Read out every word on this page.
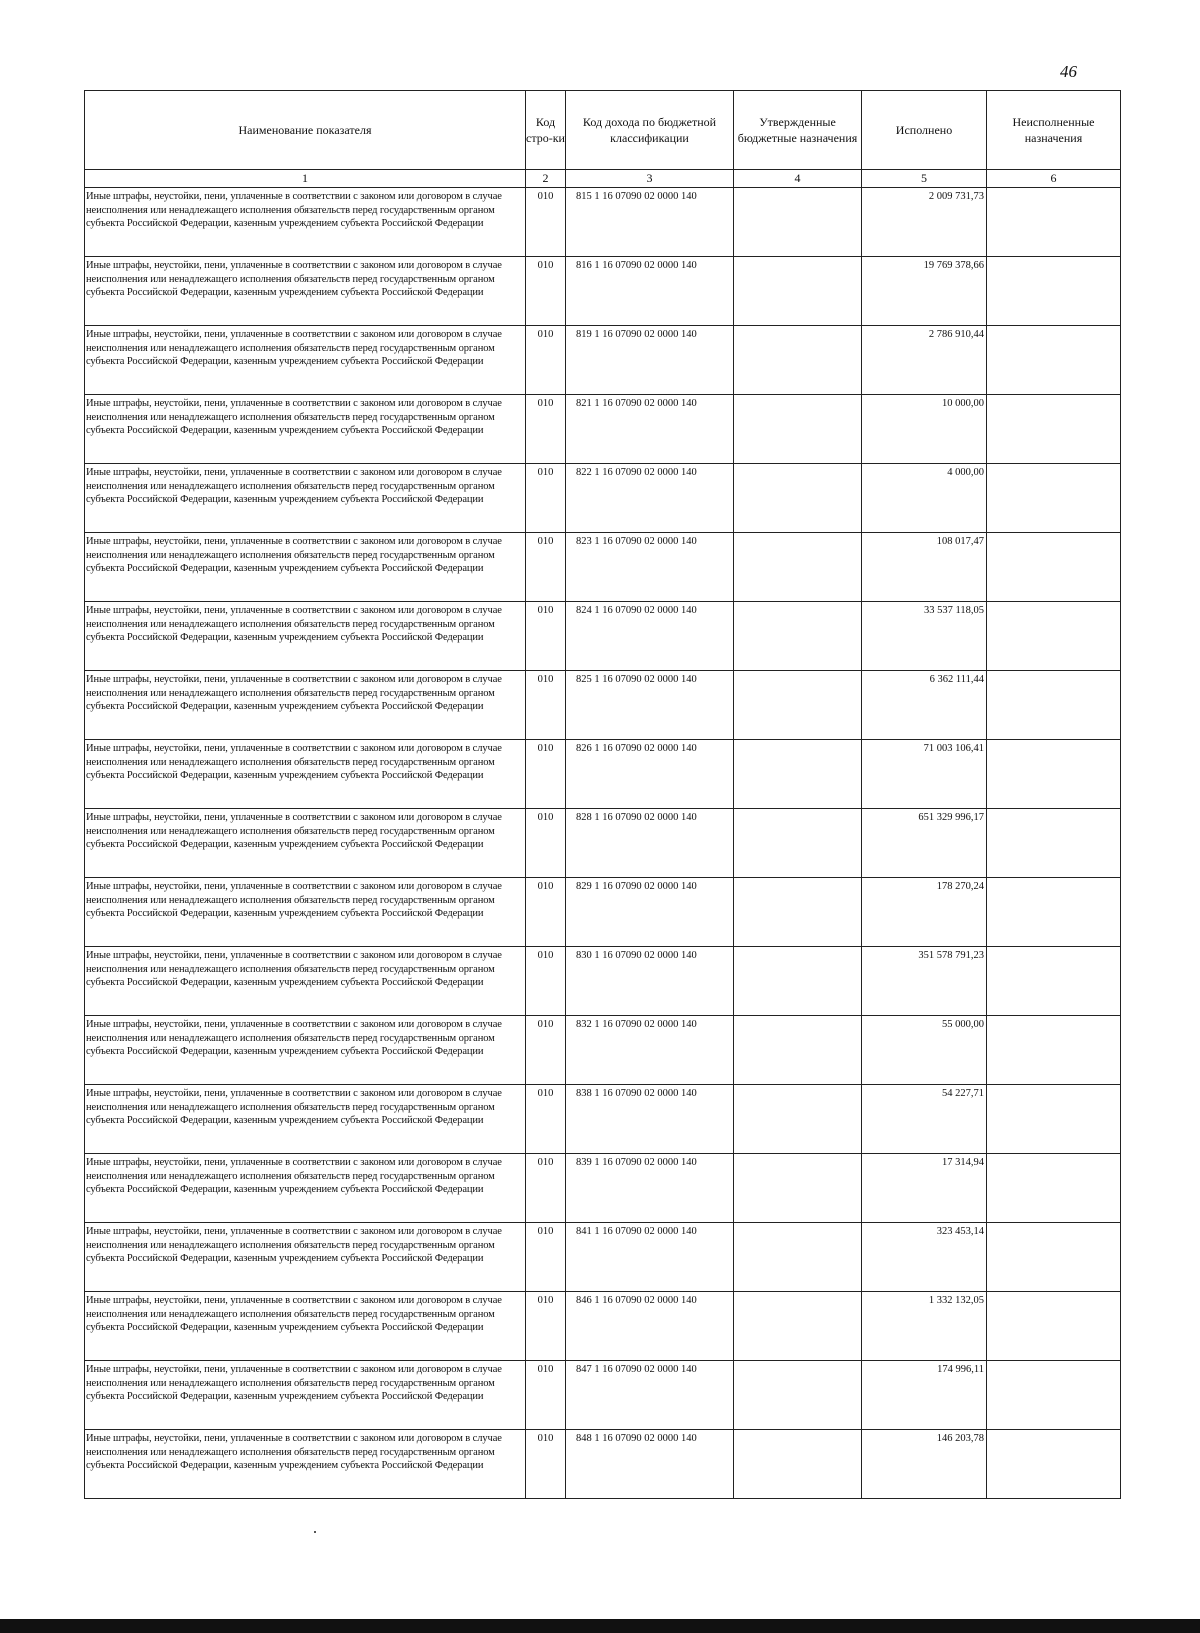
46
Наименование показателя	Код стро-ки	Код дохода по бюджетной классификации	Утвержденные бюджетные назначения	Исполнено	Неисполненные назначения
1	2	3	4	5	6
Иные штрафы, неустойки, пени, уплаченные в соответствии с законом или договором в случае неисполнения или ненадлежащего исполнения обязательств перед государственным органом субъекта Российской Федерации, казенным учреждением субъекта Российской Федерации	010	815 1 16 07090 02 0000 140		2 009 731,73	
Иные штрафы, неустойки, пени, уплаченные в соответствии с законом или договором в случае неисполнения или ненадлежащего исполнения обязательств перед государственным органом субъекта Российской Федерации, казенным учреждением субъекта Российской Федерации	010	816 1 16 07090 02 0000 140		19 769 378,66	
Иные штрафы, неустойки, пени, уплаченные в соответствии с законом или договором в случае неисполнения или ненадлежащего исполнения обязательств перед государственным органом субъекта Российской Федерации, казенным учреждением субъекта Российской Федерации	010	819 1 16 07090 02 0000 140		2 786 910,44	
Иные штрафы, неустойки, пени, уплаченные в соответствии с законом или договором в случае неисполнения или ненадлежащего исполнения обязательств перед государственным органом субъекта Российской Федерации, казенным учреждением субъекта Российской Федерации	010	821 1 16 07090 02 0000 140		10 000,00	
Иные штрафы, неустойки, пени, уплаченные в соответствии с законом или договором в случае неисполнения или ненадлежащего исполнения обязательств перед государственным органом субъекта Российской Федерации, казенным учреждением субъекта Российской Федерации	010	822 1 16 07090 02 0000 140		4 000,00	
Иные штрафы, неустойки, пени, уплаченные в соответствии с законом или договором в случае неисполнения или ненадлежащего исполнения обязательств перед государственным органом субъекта Российской Федерации, казенным учреждением субъекта Российской Федерации	010	823 1 16 07090 02 0000 140		108 017,47	
Иные штрафы, неустойки, пени, уплаченные в соответствии с законом или договором в случае неисполнения или ненадлежащего исполнения обязательств перед государственным органом субъекта Российской Федерации, казенным учреждением субъекта Российской Федерации	010	824 1 16 07090 02 0000 140		33 537 118,05	
Иные штрафы, неустойки, пени, уплаченные в соответствии с законом или договором в случае неисполнения или ненадлежащего исполнения обязательств перед государственным органом субъекта Российской Федерации, казенным учреждением субъекта Российской Федерации	010	825 1 16 07090 02 0000 140		6 362 111,44	
Иные штрафы, неустойки, пени, уплаченные в соответствии с законом или договором в случае неисполнения или ненадлежащего исполнения обязательств перед государственным органом субъекта Российской Федерации, казенным учреждением субъекта Российской Федерации	010	826 1 16 07090 02 0000 140		71 003 106,41	
Иные штрафы, неустойки, пени, уплаченные в соответствии с законом или договором в случае неисполнения или ненадлежащего исполнения обязательств перед государственным органом субъекта Российской Федерации, казенным учреждением субъекта Российской Федерации	010	828 1 16 07090 02 0000 140		651 329 996,17	
Иные штрафы, неустойки, пени, уплаченные в соответствии с законом или договором в случае неисполнения или ненадлежащего исполнения обязательств перед государственным органом субъекта Российской Федерации, казенным учреждением субъекта Российской Федерации	010	829 1 16 07090 02 0000 140		178 270,24	
Иные штрафы, неустойки, пени, уплаченные в соответствии с законом или договором в случае неисполнения или ненадлежащего исполнения обязательств перед государственным органом субъекта Российской Федерации, казенным учреждением субъекта Российской Федерации	010	830 1 16 07090 02 0000 140		351 578 791,23	
Иные штрафы, неустойки, пени, уплаченные в соответствии с законом или договором в случае неисполнения или ненадлежащего исполнения обязательств перед государственным органом субъекта Российской Федерации, казенным учреждением субъекта Российской Федерации	010	832 1 16 07090 02 0000 140		55 000,00	
Иные штрафы, неустойки, пени, уплаченные в соответствии с законом или договором в случае неисполнения или ненадлежащего исполнения обязательств перед государственным органом субъекта Российской Федерации, казенным учреждением субъекта Российской Федерации	010	838 1 16 07090 02 0000 140		54 227,71	
Иные штрафы, неустойки, пени, уплаченные в соответствии с законом или договором в случае неисполнения или ненадлежащего исполнения обязательств перед государственным органом субъекта Российской Федерации, казенным учреждением субъекта Российской Федерации	010	839 1 16 07090 02 0000 140		17 314,94	
Иные штрафы, неустойки, пени, уплаченные в соответствии с законом или договором в случае неисполнения или ненадлежащего исполнения обязательств перед государственным органом субъекта Российской Федерации, казенным учреждением субъекта Российской Федерации	010	841 1 16 07090 02 0000 140		323 453,14	
Иные штрафы, неустойки, пени, уплаченные в соответствии с законом или договором в случае неисполнения или ненадлежащего исполнения обязательств перед государственным органом субъекта Российской Федерации, казенным учреждением субъекта Российской Федерации	010	846 1 16 07090 02 0000 140		1 332 132,05	
Иные штрафы, неустойки, пени, уплаченные в соответствии с законом или договором в случае неисполнения или ненадлежащего исполнения обязательств перед государственным органом субъекта Российской Федерации, казенным учреждением субъекта Российской Федерации	010	847 1 16 07090 02 0000 140		174 996,11	
Иные штрафы, неустойки, пени, уплаченные в соответствии с законом или договором в случае неисполнения или ненадлежащего исполнения обязательств перед государственным органом субъекта Российской Федерации, казенным учреждением субъекта Российской Федерации	010	848 1 16 07090 02 0000 140		146 203,78	
